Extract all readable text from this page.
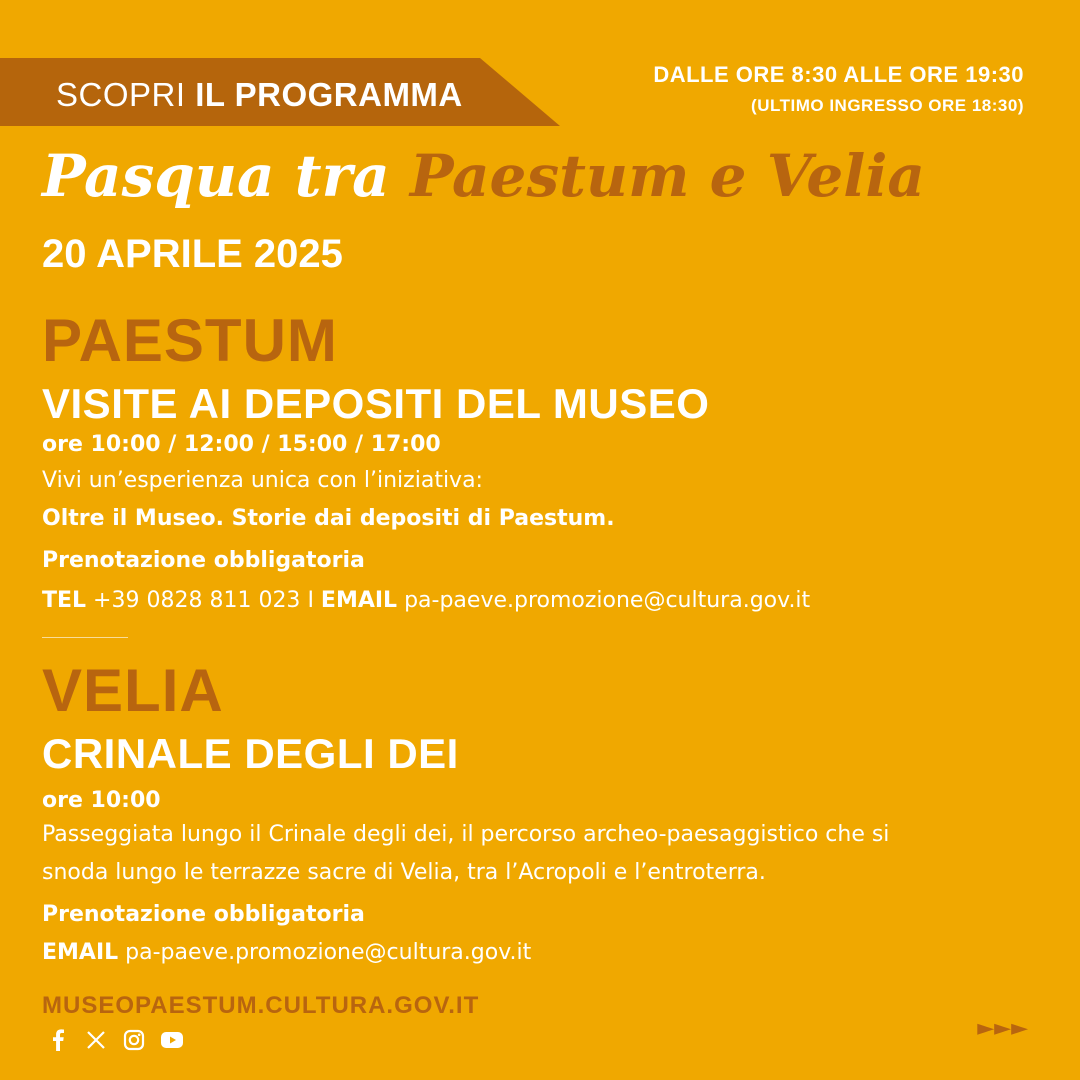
SCOPRI IL PROGRAMMA
DALLE ORE 8:30 ALLE ORE 19:30
(ULTIMO INGRESSO ORE 18:30)
Pasqua tra Paestum e Velia
20 APRILE 2025
PAESTUM
VISITE AI DEPOSITI DEL MUSEO
ore 10:00 / 12:00 / 15:00 / 17:00
Vivi un’esperienza unica con l’iniziativa:
Oltre il Museo. Storie dai depositi di Paestum.
Prenotazione obbligatoria
TEL +39 0828 811 023 I EMAIL pa-paeve.promozione@cultura.gov.it
VELIA
CRINALE DEGLI DEI
ore 10:00
Passeggiata lungo il Crinale degli dei, il percorso archeo-paesaggistico che si
snoda lungo le terrazze sacre di Velia, tra l’Acropoli e l’entroterra.
Prenotazione obbligatoria
EMAIL pa-paeve.promozione@cultura.gov.it
MUSEOPAESTUM.CULTURA.GOV.IT
►►►
